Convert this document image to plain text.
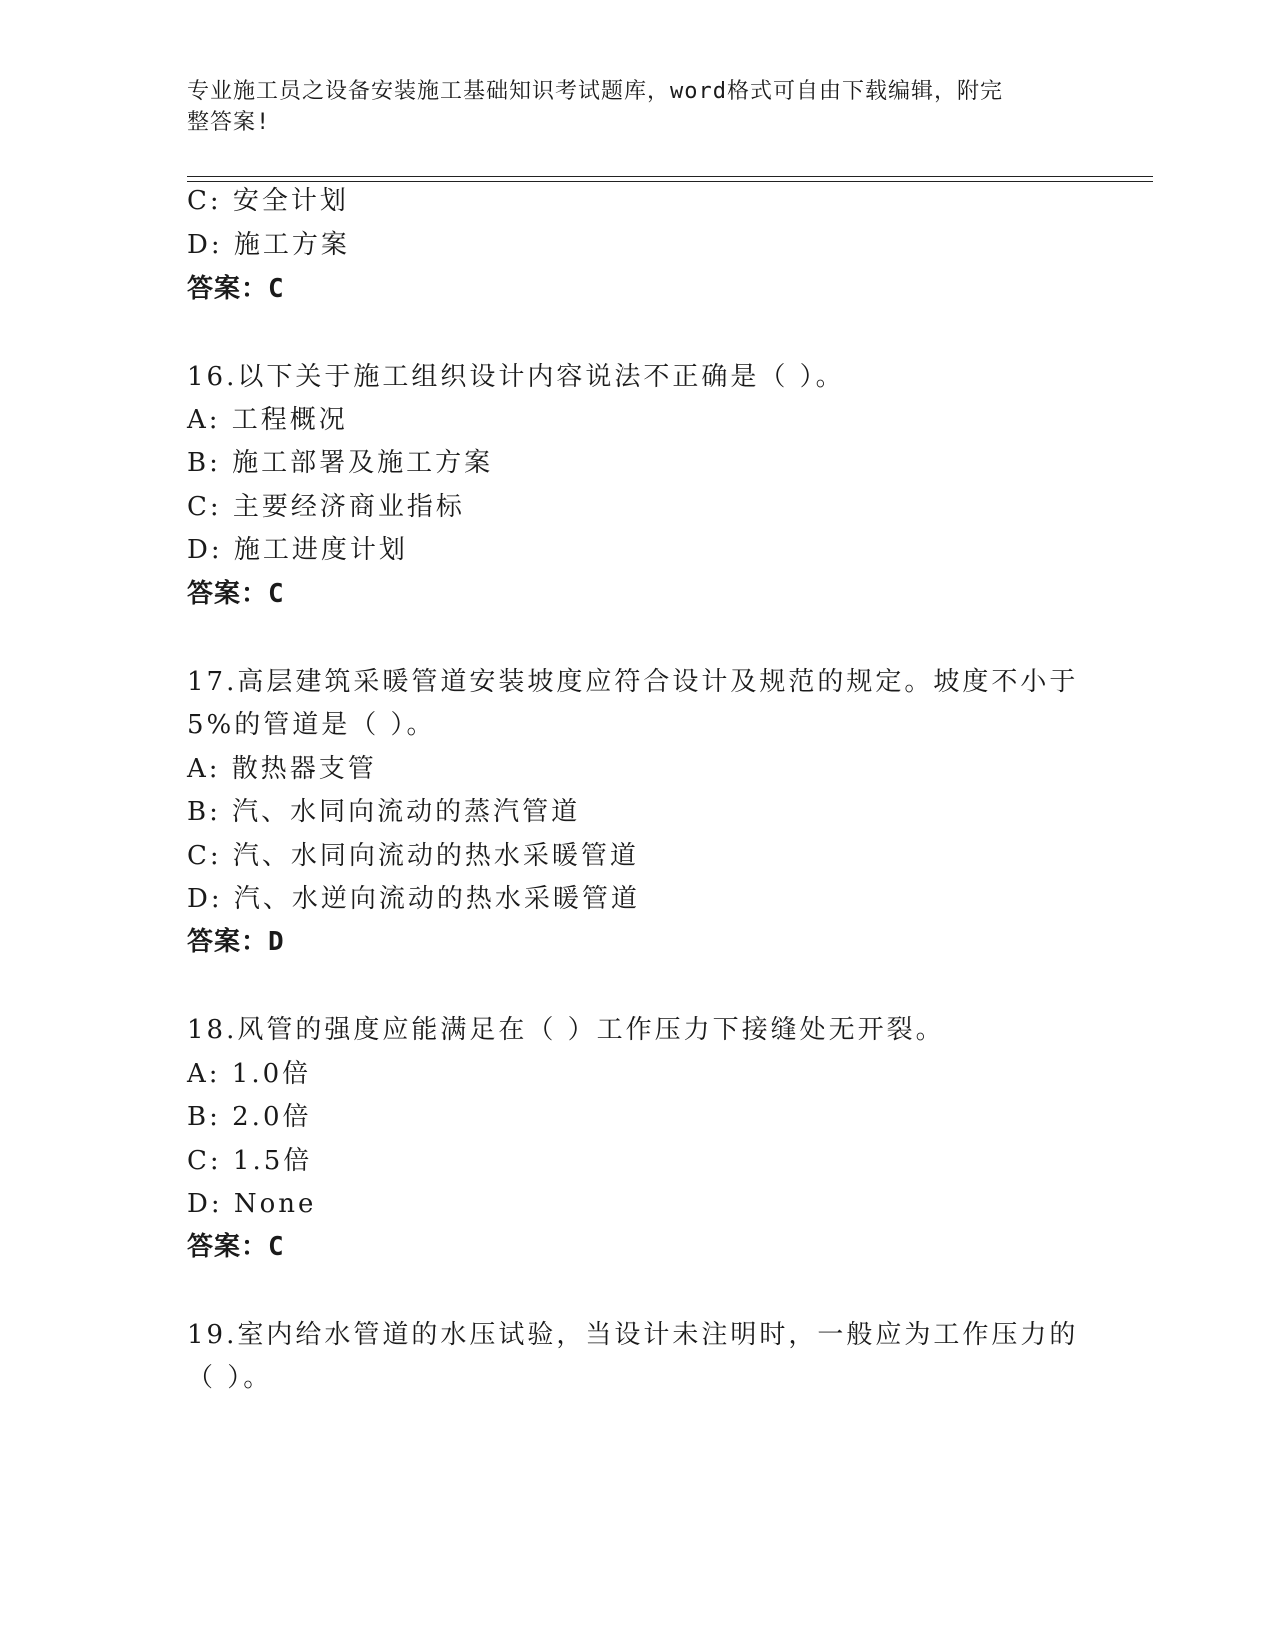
专业施工员之设备安装施工基础知识考试题库，word格式可自由下载编辑，附完
整答案!
C: 安全计划
D: 施工方案
答案：C
16.以下关于施工组织设计内容说法不正确是（ ）。
A: 工程概况
B: 施工部署及施工方案
C: 主要经济商业指标
D: 施工进度计划
答案：C
17.高层建筑采暖管道安装坡度应符合设计及规范的规定。坡度不小于
5%的管道是（ ）。
A: 散热器支管
B: 汽、水同向流动的蒸汽管道
C: 汽、水同向流动的热水采暖管道
D: 汽、水逆向流动的热水采暖管道
答案：D
18.风管的强度应能满足在（ ）工作压力下接缝处无开裂。
A: 1.0倍
B: 2.0倍
C: 1.5倍
D: None
答案：C
19.室内给水管道的水压试验，当设计未注明时，一般应为工作压力的
（ ）。
